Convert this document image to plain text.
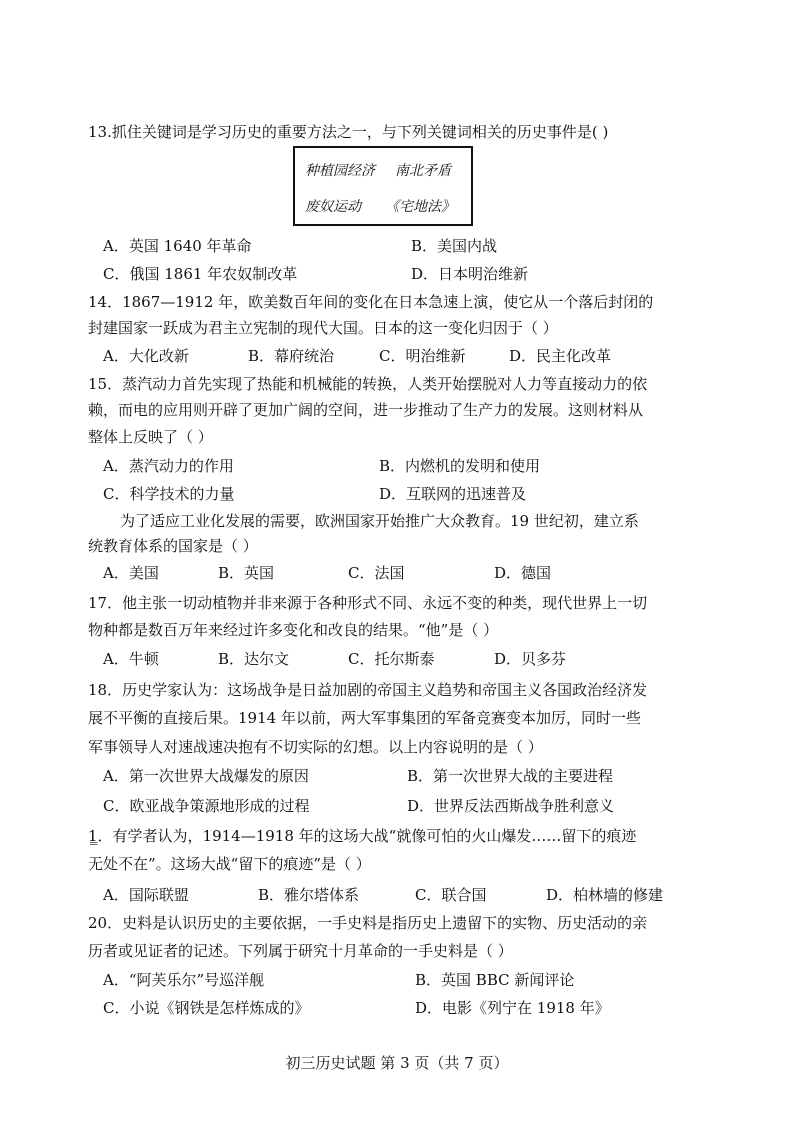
13.抓住关键词是学习历史的重要方法之一，与下列关键词相关的历史事件是( )
种植园经济 南北矛盾
废奴运动 《宅地法》
A．英国 1640 年革命	B．美国内战
C．俄国 1861 年农奴制改革	D．日本明治维新
14．1867—1912 年，欧美数百年间的变化在日本急速上演，使它从一个落后封闭的
封建国家一跃成为君主立宪制的现代大国。日本的这一变化归因于（ ）
A．大化改新	B．幕府统治	C．明治维新	D．民主化改革
15．蒸汽动力首先实现了热能和机械能的转换，人类开始摆脱对人力等直接动力的依
赖，而电的应用则开辟了更加广阔的空间，进一步推动了生产力的发展。这则材料从
整体上反映了（ ）
A．蒸汽动力的作用	B．内燃机的发明和使用
C．科学技术的力量	D．互联网的迅速普及
为了适应工业化发展的需要，欧洲国家开始推广大众教育。19 世纪初，建立系
统教育体系的国家是（ ）
A．美国	B．英国	C．法国	D．德国
17．他主张一切动植物并非来源于各种形式不同、永远不变的种类，现代世界上一切
物种都是数百万年来经过许多变化和改良的结果。“他”是（ ）
A．牛顿	B．达尔文	C．托尔斯泰	D．贝多芬
18．历史学家认为：这场战争是日益加剧的帝国主义趋势和帝国主义各国政治经济发
展不平衡的直接后果。1914 年以前，两大军事集团的军备竞赛变本加厉，同时一些
军事领导人对速战速决抱有不切实际的幻想。以上内容说明的是（ ）
A．第一次世界大战爆发的原因	B．第一次世界大战的主要进程
C．欧亚战争策源地形成的过程	D．世界反法西斯战争胜利意义
1̳．有学者认为，1914—1918 年的这场大战“就像可怕的火山爆发……留下的痕迹
无处不在”。这场大战“留下的痕迹”是（ ）
A．国际联盟	B．雅尔塔体系	C．联合国	D．柏林墙的修建
20．史料是认识历史的主要依据，一手史料是指历史上遗留下的实物、历史活动的亲
历者或见证者的记述。下列属于研究十月革命的一手史料是（ ）
A．“阿芙乐尔”号巡洋舰	B．英国 BBC 新闻评论
C．小说《钢铁是怎样炼成的》	D．电影《列宁在 1918 年》
初三历史试题 第 3 页（共 7 页）
